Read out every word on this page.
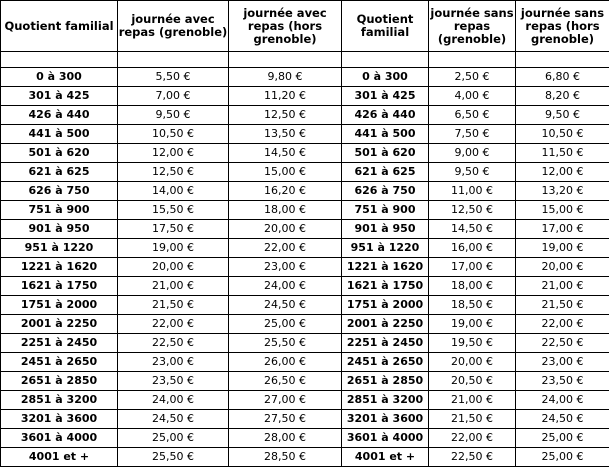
Quotient familial	journée avec repas (grenoble)	journée avec repas (hors grenoble)	Quotient familial	journée sans repas (grenoble)	journée sans repas (hors grenoble)

0 à 300	5,50 €	9,80 €	0 à 300	2,50 €	6,80 €
301 à 425	7,00 €	11,20 €	301 à 425	4,00 €	8,20 €
426 à 440	9,50 €	12,50 €	426 à 440	6,50 €	9,50 €
441 à 500	10,50 €	13,50 €	441 à 500	7,50 €	10,50 €
501 à 620	12,00 €	14,50 €	501 à 620	9,00 €	11,50 €
621 à 625	12,50 €	15,00 €	621 à 625	9,50 €	12,00 €
626 à 750	14,00 €	16,20 €	626 à 750	11,00 €	13,20 €
751 à 900	15,50 €	18,00 €	751 à 900	12,50 €	15,00 €
901 à 950	17,50 €	20,00 €	901 à 950	14,50 €	17,00 €
951 à 1220	19,00 €	22,00 €	951 à 1220	16,00 €	19,00 €
1221 à 1620	20,00 €	23,00 €	1221 à 1620	17,00 €	20,00 €
1621 à 1750	21,00 €	24,00 €	1621 à 1750	18,00 €	21,00 €
1751 à 2000	21,50 €	24,50 €	1751 à 2000	18,50 €	21,50 €
2001 à 2250	22,00 €	25,00 €	2001 à 2250	19,00 €	22,00 €
2251 à 2450	22,50 €	25,50 €	2251 à 2450	19,50 €	22,50 €
2451 à 2650	23,00 €	26,00 €	2451 à 2650	20,00 €	23,00 €
2651 à 2850	23,50 €	26,50 €	2651 à 2850	20,50 €	23,50 €
2851 à 3200	24,00 €	27,00 €	2851 à 3200	21,00 €	24,00 €
3201 à 3600	24,50 €	27,50 €	3201 à 3600	21,50 €	24,50 €
3601 à 4000	25,00 €	28,00 €	3601 à 4000	22,00 €	25,00 €
4001 et +	25,50 €	28,50 €	4001 et +	22,50 €	25,00 €
